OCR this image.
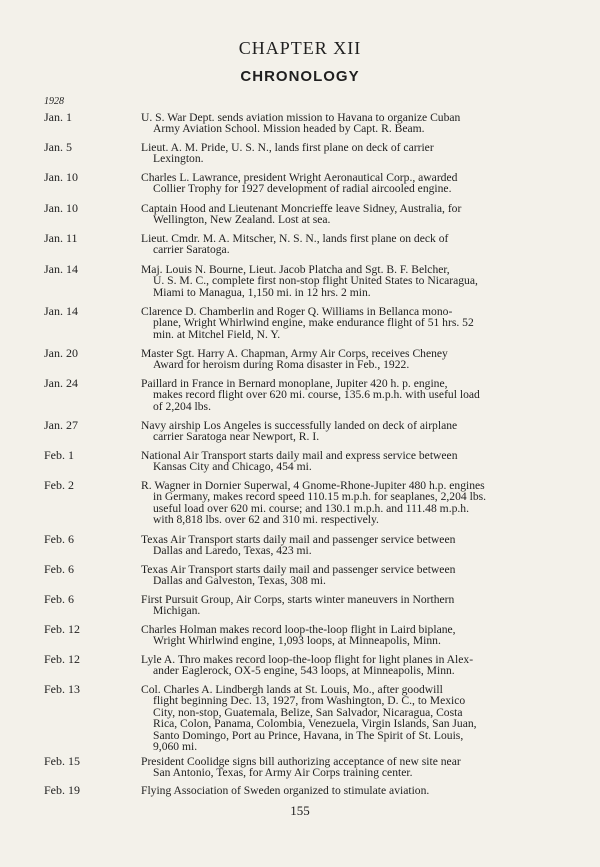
CHAPTER XII
CHRONOLOGY
1928
Jan. 1	U. S. War Dept. sends aviation mission to Havana to organize Cuban
Army Aviation School. Mission headed by Capt. R. Beam.
Jan. 5	Lieut. A. M. Pride, U. S. N., lands first plane on deck of carrier
Lexington.
Jan. 10	Charles L. Lawrance, president Wright Aeronautical Corp., awarded
Collier Trophy for 1927 development of radial aircooled engine.
Jan. 10	Captain Hood and Lieutenant Moncrieffe leave Sidney, Australia, for
Wellington, New Zealand. Lost at sea.
Jan. 11	Lieut. Cmdr. M. A. Mitscher, N. S. N., lands first plane on deck of
carrier Saratoga.
Jan. 14	Maj. Louis N. Bourne, Lieut. Jacob Platcha and Sgt. B. F. Belcher,
U. S. M. C., complete first non-stop flight United States to Nicaragua,
Miami to Managua, 1,150 mi. in 12 hrs. 2 min.
Jan. 14	Clarence D. Chamberlin and Roger Q. Williams in Bellanca mono-
plane, Wright Whirlwind engine, make endurance flight of 51 hrs. 52
min. at Mitchel Field, N. Y.
Jan. 20	Master Sgt. Harry A. Chapman, Army Air Corps, receives Cheney
Award for heroism during Roma disaster in Feb., 1922.
Jan. 24	Paillard in France in Bernard monoplane, Jupiter 420 h. p. engine,
makes record flight over 620 mi. course, 135.6 m.p.h. with useful load
of 2,204 lbs.
Jan. 27	Navy airship Los Angeles is successfully landed on deck of airplane
carrier Saratoga near Newport, R. I.
Feb. 1	National Air Transport starts daily mail and express service between
Kansas City and Chicago, 454 mi.
Feb. 2	R. Wagner in Dornier Superwal, 4 Gnome-Rhone-Jupiter 480 h.p. engines
in Germany, makes record speed 110.15 m.p.h. for seaplanes, 2,204 lbs.
useful load over 620 mi. course; and 130.1 m.p.h. and 111.48 m.p.h.
with 8,818 lbs. over 62 and 310 mi. respectively.
Feb. 6	Texas Air Transport starts daily mail and passenger service between
Dallas and Laredo, Texas, 423 mi.
Feb. 6	Texas Air Transport starts daily mail and passenger service between
Dallas and Galveston, Texas, 308 mi.
Feb. 6	First Pursuit Group, Air Corps, starts winter maneuvers in Northern
Michigan.
Feb. 12	Charles Holman makes record loop-the-loop flight in Laird biplane,
Wright Whirlwind engine, 1,093 loops, at Minneapolis, Minn.
Feb. 12	Lyle A. Thro makes record loop-the-loop flight for light planes in Alex-
ander Eaglerock, OX-5 engine, 543 loops, at Minneapolis, Minn.
Feb. 13	Col. Charles A. Lindbergh lands at St. Louis, Mo., after goodwill
flight beginning Dec. 13, 1927, from Washington, D. C., to Mexico
City, non-stop, Guatemala, Belize, San Salvador, Nicaragua, Costa
Rica, Colon, Panama, Colombia, Venezuela, Virgin Islands, San Juan,
Santo Domingo, Port au Prince, Havana, in The Spirit of St. Louis,
9,060 mi.
Feb. 15	President Coolidge signs bill authorizing acceptance of new site near
San Antonio, Texas, for Army Air Corps training center.
Feb. 19	Flying Association of Sweden organized to stimulate aviation.
155
